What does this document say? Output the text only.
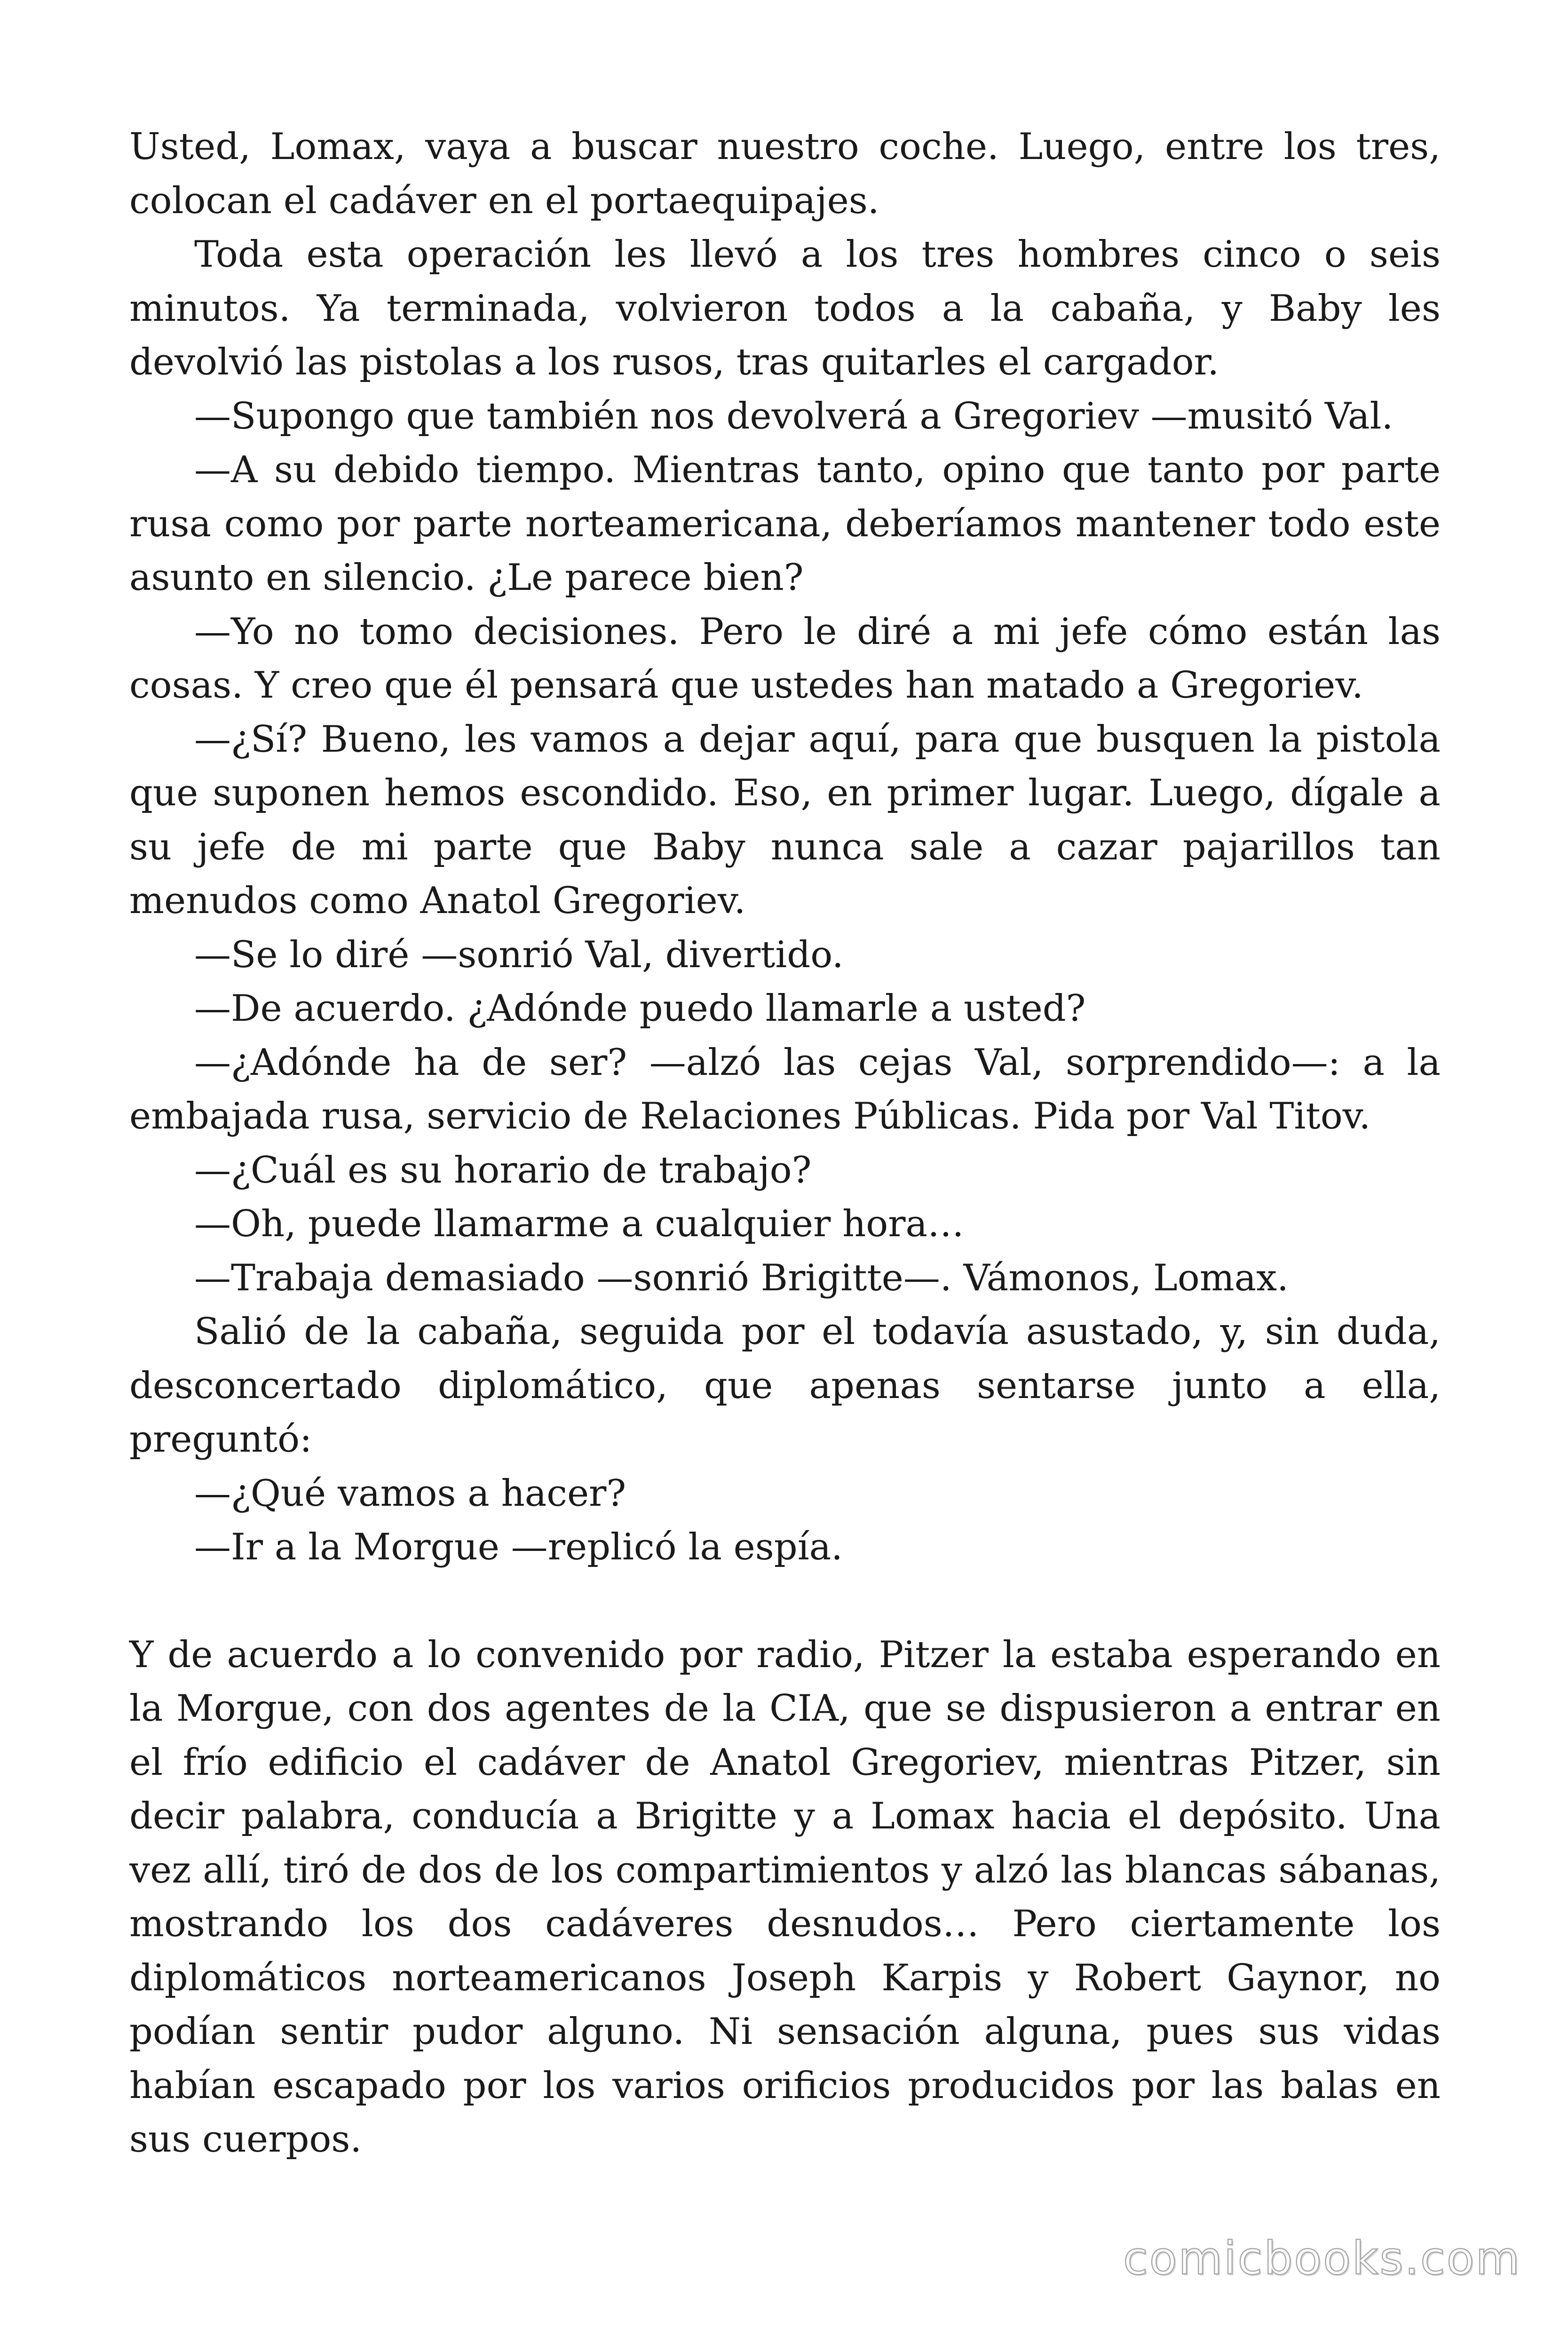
Usted, Lomax, vaya a buscar nuestro coche. Luego, entre los tres, colocan el cadáver en el portaequipajes.

Toda esta operación les llevó a los tres hombres cinco o seis minutos. Ya terminada, volvieron todos a la cabaña, y Baby les devolvió las pistolas a los rusos, tras quitarles el cargador.

—Supongo que también nos devolverá a Gregoriev —musitó Val.

—A su debido tiempo. Mientras tanto, opino que tanto por parte rusa como por parte norteamericana, deberíamos mantener todo este asunto en silencio. ¿Le parece bien?

—Yo no tomo decisiones. Pero le diré a mi jefe cómo están las cosas. Y creo que él pensará que ustedes han matado a Gregoriev.

—¿Sí? Bueno, les vamos a dejar aquí, para que busquen la pistola que suponen hemos escondido. Eso, en primer lugar. Luego, dígale a su jefe de mi parte que Baby nunca sale a cazar pajarillos tan menudos como Anatol Gregoriev.

—Se lo diré —sonrió Val, divertido.

—De acuerdo. ¿Adónde puedo llamarle a usted?

—¿Adónde ha de ser? —alzó las cejas Val, sorprendido—: a la embajada rusa, servicio de Relaciones Públicas. Pida por Val Titov.

—¿Cuál es su horario de trabajo?

—Oh, puede llamarme a cualquier hora…

—Trabaja demasiado —sonrió Brigitte—. Vámonos, Lomax.

Salió de la cabaña, seguida por el todavía asustado, y, sin duda, desconcertado diplomático, que apenas sentarse junto a ella, preguntó:

—¿Qué vamos a hacer?

—Ir a la Morgue —replicó la espía.

Y de acuerdo a lo convenido por radio, Pitzer la estaba esperando en la Morgue, con dos agentes de la CIA, que se dispusieron a entrar en el frío edificio el cadáver de Anatol Gregoriev, mientras Pitzer, sin decir palabra, conducía a Brigitte y a Lomax hacia el depósito. Una vez allí, tiró de dos de los compartimientos y alzó las blancas sábanas, mostrando los dos cadáveres desnudos… Pero ciertamente los diplomáticos norteamericanos Joseph Karpis y Robert Gaynor, no podían sentir pudor alguno. Ni sensación alguna, pues sus vidas habían escapado por los varios orificios producidos por las balas en sus cuerpos.

comicbooks.com
